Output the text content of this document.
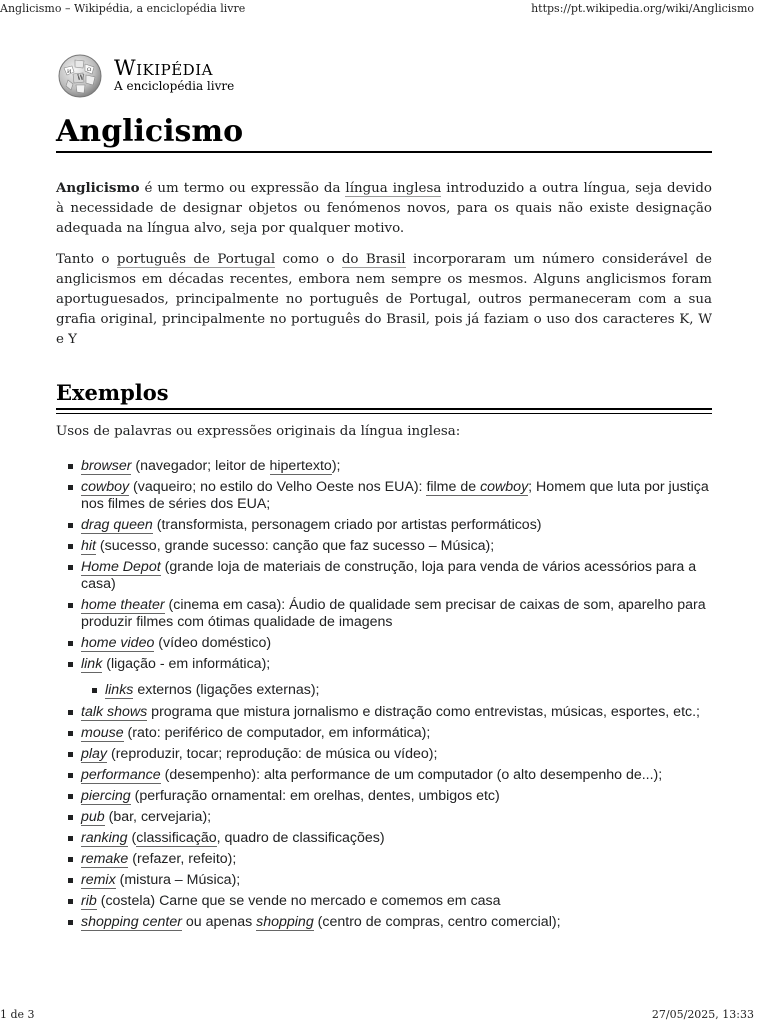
Anglicismo – Wikipédia, a enciclopédia livre	https://pt.wikipedia.org/wiki/Anglicismo
W
Ω
И Wikipédia
A enciclopédia livre
Anglicismo

Anglicismo é um termo ou expressão da língua inglesa introduzido a outra língua, seja devido à necessidade de designar objetos ou fenómenos novos, para os quais não existe designação adequada na língua alvo, seja por qualquer motivo.

Tanto o português de Portugal como o do Brasil incorporaram um número considerável de anglicismos em décadas recentes, embora nem sempre os mesmos. Alguns anglicismos foram aportuguesados, principalmente no português de Portugal, outros permaneceram com a sua grafia original, principalmente no português do Brasil, pois já faziam o uso dos caracteres K, W e Y

Exemplos

Usos de palavras ou expressões originais da língua inglesa:

browser (navegador; leitor de hipertexto);
cowboy (vaqueiro; no estilo do Velho Oeste nos EUA): filme de cowboy; Homem que luta por justiça nos filmes de séries dos EUA;
drag queen (transformista, personagem criado por artistas performáticos)
hit (sucesso, grande sucesso: canção que faz sucesso – Música);
Home Depot (grande loja de materiais de construção, loja para venda de vários acessórios para a casa)
home theater (cinema em casa): Áudio de qualidade sem precisar de caixas de som, aparelho para produzir filmes com ótimas qualidade de imagens
home video (vídeo doméstico)
link (ligação - em informática);
links externos (ligações externas);
talk shows programa que mistura jornalismo e distração como entrevistas, músicas, esportes, etc.;
mouse (rato: periférico de computador, em informática);
play (reproduzir, tocar; reprodução: de música ou vídeo);
performance (desempenho): alta performance de um computador (o alto desempenho de...);
piercing (perfuração ornamental: em orelhas, dentes, umbigos etc)
pub (bar, cervejaria);
ranking (classificação, quadro de classificações)
remake (refazer, refeito);
remix (mistura – Música);
rib (costela) Carne que se vende no mercado e comemos em casa
shopping center ou apenas shopping (centro de compras, centro comercial);
1 de 3	27/05/2025, 13:33
